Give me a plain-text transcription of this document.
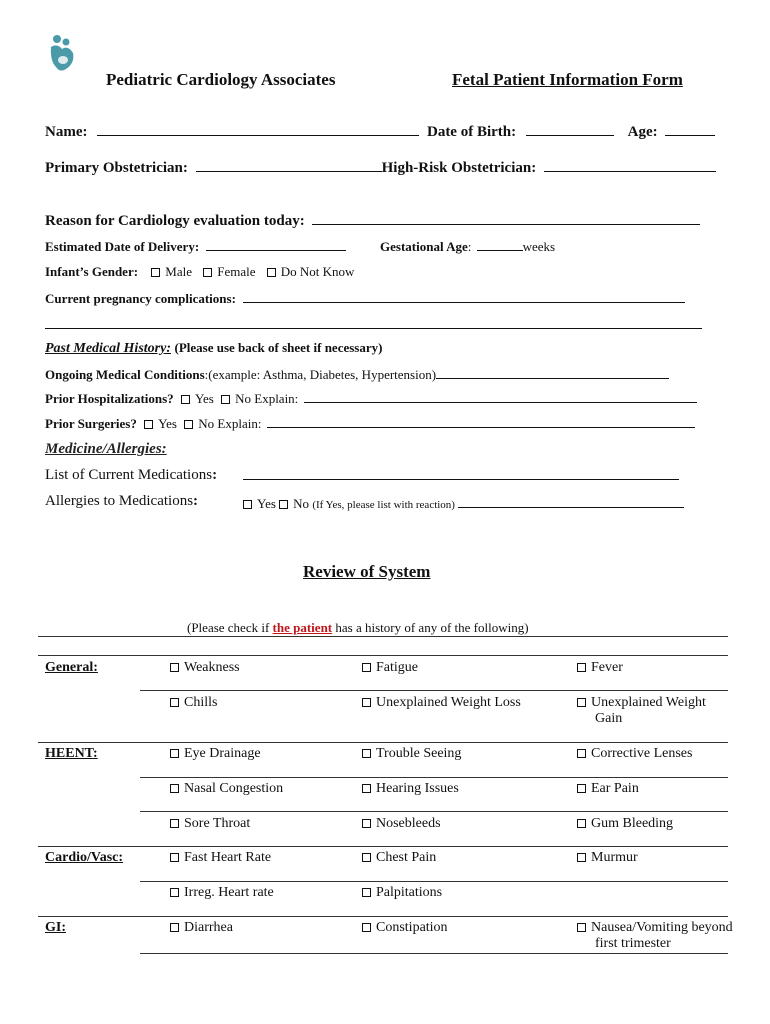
Pediatric Cardiology Associates	Fetal Patient Information Form
Name:	Date of Birth:	Age:
Primary Obstetrician:	High-Risk Obstetrician:
Reason for Cardiology evaluation today:
Estimated Date of Delivery:	Gestational Age:	weeks
Infant’s Gender: Male Female Do Not Know
Current pregnancy complications:
Past Medical History: (Please use back of sheet if necessary)
Ongoing Medical Conditions:(example: Asthma, Diabetes, Hypertension)
Prior Hospitalizations? Yes No Explain:
Prior Surgeries? Yes No Explain:
Medicine/Allergies:
List of Current Medications:
Allergies to Medications:	Yes No (If Yes, please list with reaction)
Review of System
(Please check if the patient has a history of any of the following)
General:	Weakness	Fatigue	Fever
Chills	Unexplained Weight Loss	Unexplained Weight Gain
HEENT:	Eye Drainage	Trouble Seeing	Corrective Lenses
Nasal Congestion	Hearing Issues	Ear Pain
Sore Throat	Nosebleeds	Gum Bleeding
Cardio/Vasc:	Fast Heart Rate	Chest Pain	Murmur
Irreg. Heart rate	Palpitations
GI:	Diarrhea	Constipation	Nausea/Vomiting beyond first trimester
